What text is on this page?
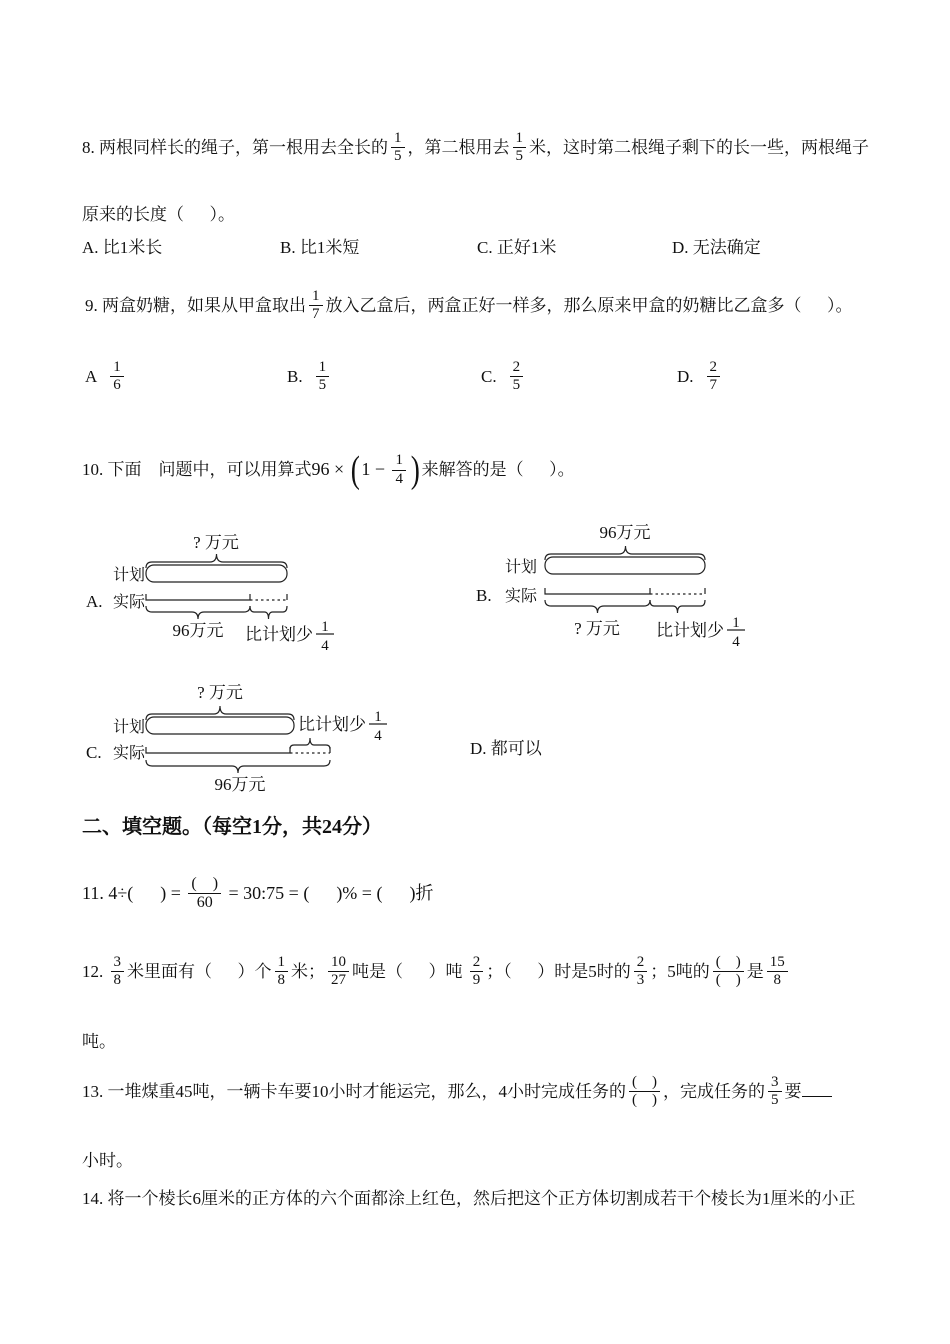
8. 两根同样长的绳子，第一根用去全长的 $\frac{1}{5}$ ，第二根用去 $\frac{1}{5}$ 米，这时第二根绳子剩下的长一些，两根绳子
原来的长度（      ）。
A. 比1米长	B. 比1米短	C. 正好1米	D. 无法确定
9. 两盒奶糖，如果从甲盒取出 $\frac{1}{7}$ 放入乙盒后，两盒正好一样多，那么原来甲盒的奶糖比乙盒多（      ）。
A $\frac{1}{6}$	B. $\frac{1}{5}$	C. $\frac{2}{5}$	D. $\frac{2}{7}$
10. 下面　问题中，可以用算式 96 × ( $1 - \frac{1}{4}$ ) 来解答的是（      ）。
? 万元
计划
A. 实际
96万元 比计划少 1
4
96万元
计划
B. 实际
? 万元 比计划少 1
4
? 万元
计划	比计划少 1
4
C. 实际
96万元
D. 都可以
二、填空题。（每空1分，共24分）
11. 4÷(      ) = $\frac{( )}{60}$ = 30:75 = (      )% = (      )折
12. $\frac{3}{8}$ 米里面有（      ）个 $\frac{1}{8}$ 米； $\frac{10}{27}$ 吨是（      ）吨 $\frac{2}{9}$ ；（      ）时是5时的 $\frac{2}{3}$ ；5吨的 $\frac{( )}{( )}$ 是 $\frac{15}{8}$
吨。
13. 一堆煤重45吨，一辆卡车要10小时才能运完，那么，4小时完成任务的 $\frac{( )}{( )}$ ，完成任务的 $\frac{3}{5}$ 要
小时。
14. 将一个棱长6厘米的正方体的六个面都涂上红色，然后把这个正方体切割成若干个棱长为1厘米的小正
